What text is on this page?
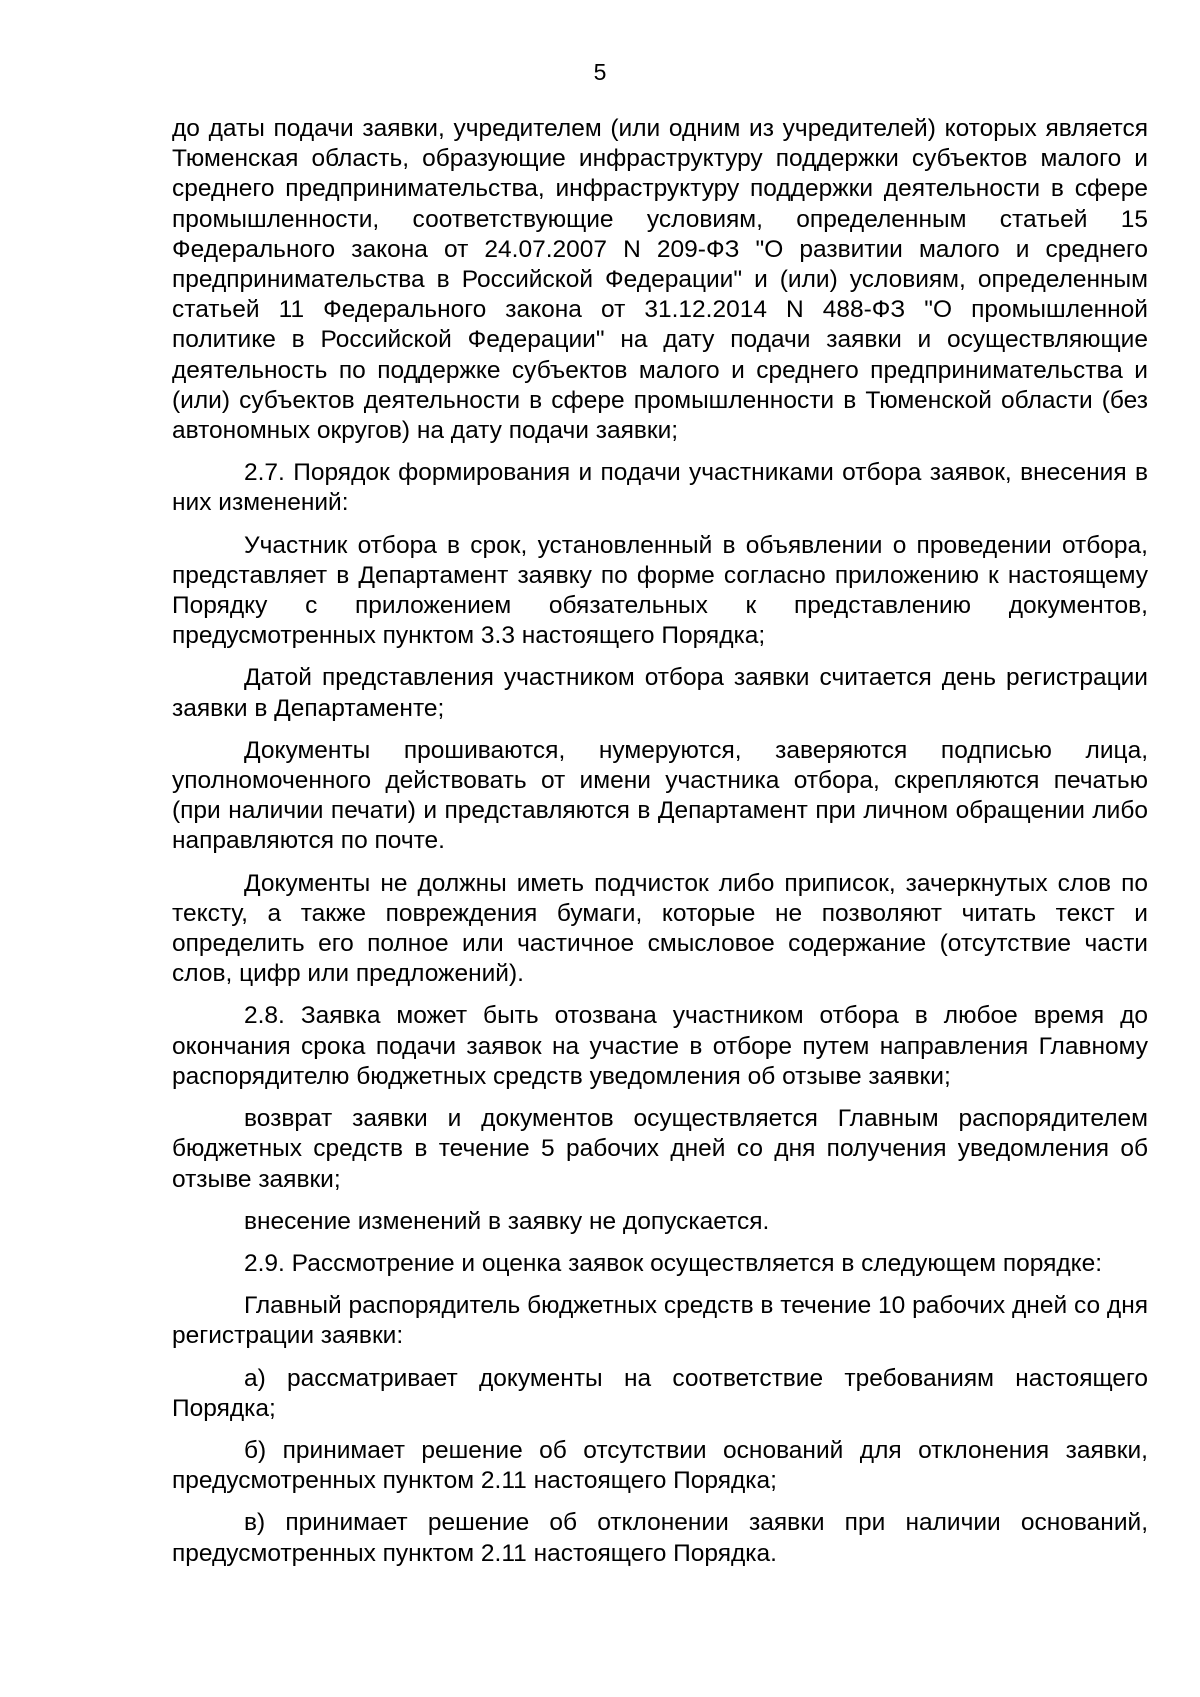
5

до даты подачи заявки, учредителем (или одним из учредителей) которых является Тюменская область, образующие инфраструктуру поддержки субъектов малого и среднего предпринимательства, инфраструктуру поддержки деятельности в сфере промышленности, соответствующие условиям, определенным статьей 15 Федерального закона от 24.07.2007 N 209-ФЗ "О развитии малого и среднего предпринимательства в Российской Федерации" и (или) условиям, определенным статьей 11 Федерального закона от 31.12.2014 N 488-ФЗ "О промышленной политике в Российской Федерации" на дату подачи заявки и осуществляющие деятельность по поддержке субъектов малого и среднего предпринимательства и (или) субъектов деятельности в сфере промышленности в Тюменской области (без автономных округов) на дату подачи заявки;

2.7. Порядок формирования и подачи участниками отбора заявок, внесения в них изменений:

Участник отбора в срок, установленный в объявлении о проведении отбора, представляет в Департамент заявку по форме согласно приложению к настоящему Порядку с приложением обязательных к представлению документов, предусмотренных пунктом 3.3 настоящего Порядка;

Датой представления участником отбора заявки считается день регистрации заявки в Департаменте;

Документы прошиваются, нумеруются, заверяются подписью лица, уполномоченного действовать от имени участника отбора, скрепляются печатью (при наличии печати) и представляются в Департамент при личном обращении либо направляются по почте.

Документы не должны иметь подчисток либо приписок, зачеркнутых слов по тексту, а также повреждения бумаги, которые не позволяют читать текст и определить его полное или частичное смысловое содержание (отсутствие части слов, цифр или предложений).

2.8. Заявка может быть отозвана участником отбора в любое время до окончания срока подачи заявок на участие в отборе путем направления Главному распорядителю бюджетных средств уведомления об отзыве заявки;

возврат заявки и документов осуществляется Главным распорядителем бюджетных средств в течение 5 рабочих дней со дня получения уведомления об отзыве заявки;

внесение изменений в заявку не допускается.

2.9. Рассмотрение и оценка заявок осуществляется в следующем порядке:

Главный распорядитель бюджетных средств в течение 10 рабочих дней со дня регистрации заявки:

а) рассматривает документы на соответствие требованиям настоящего Порядка;

б) принимает решение об отсутствии оснований для отклонения заявки, предусмотренных пунктом 2.11 настоящего Порядка;

в) принимает решение об отклонении заявки при наличии оснований, предусмотренных пунктом 2.11 настоящего Порядка.
